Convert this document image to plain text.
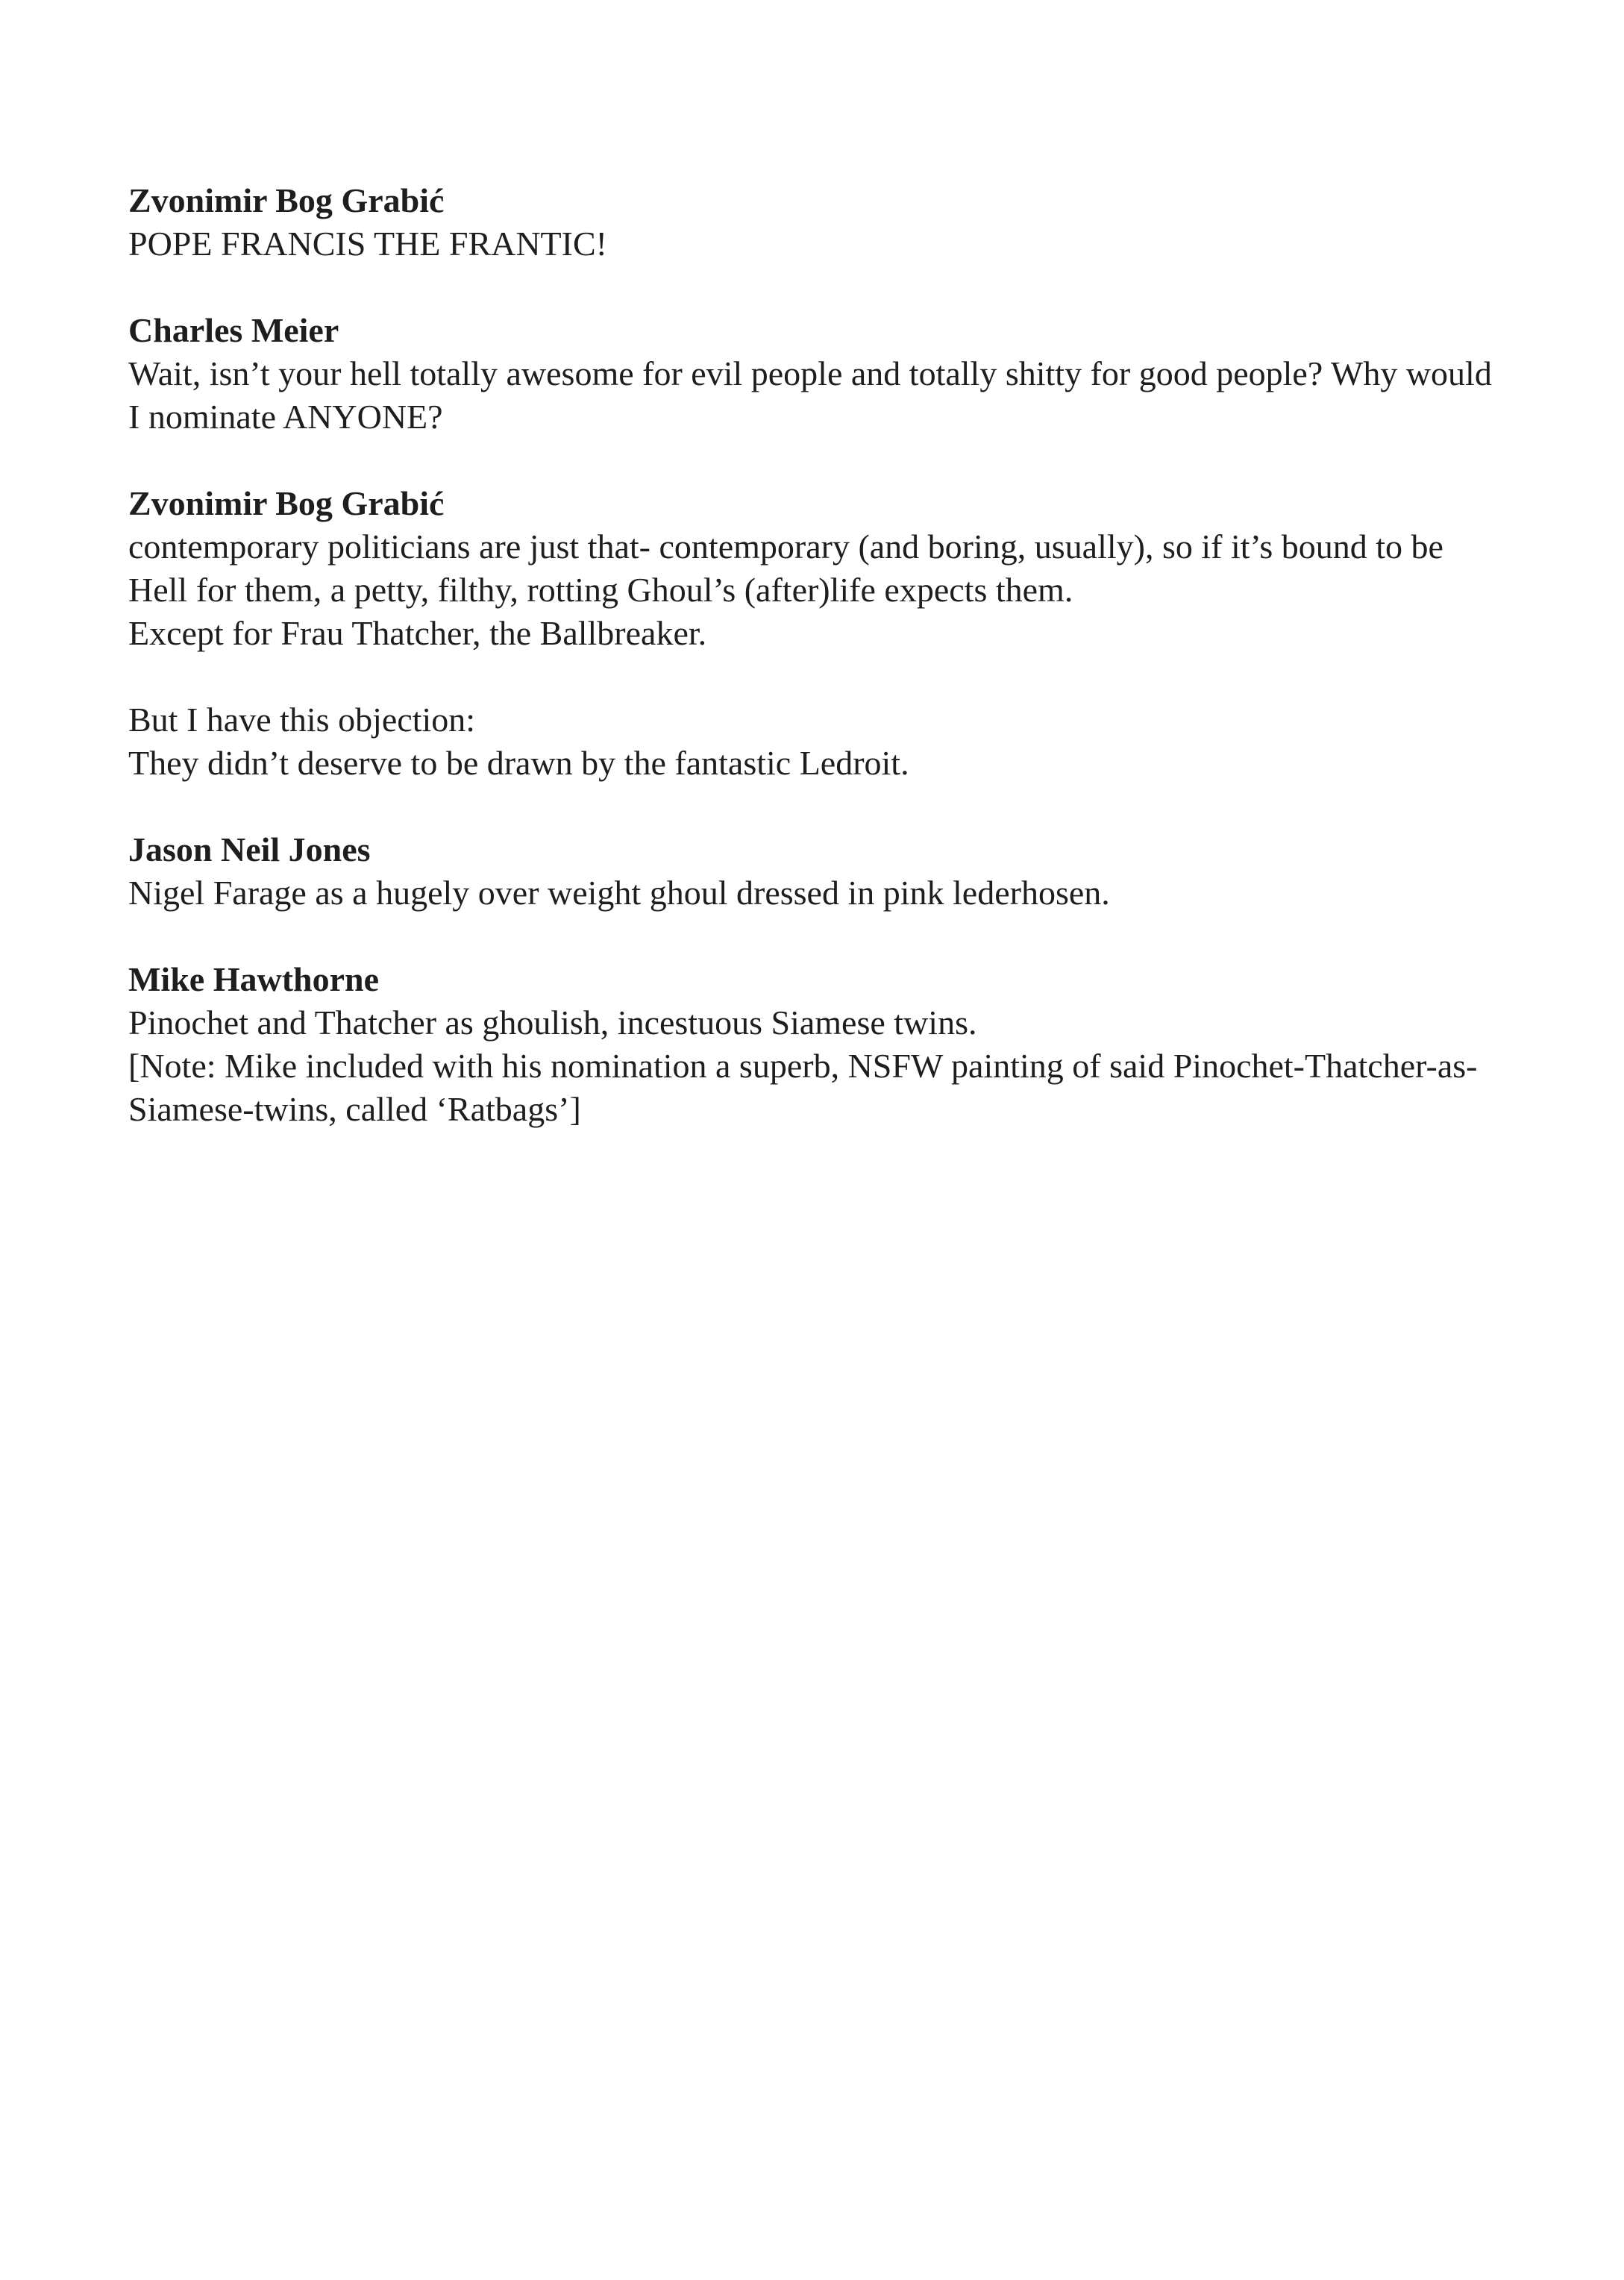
Zvonimir Bog Grabić
POPE FRANCIS THE FRANTIC!
Charles Meier
Wait, isn’t your hell totally awesome for evil people and totally shitty for good people? Why would I nominate ANYONE?
Zvonimir Bog Grabić
contemporary politicians are just that- contemporary (and boring, usually), so if it’s bound to be Hell for them, a petty, filthy, rotting Ghoul’s (after)life expects them.
Except for Frau Thatcher, the Ballbreaker.
But I have this objection:
They didn’t deserve to be drawn by the fantastic Ledroit.
Jason Neil Jones
Nigel Farage as a hugely over weight ghoul dressed in pink lederhosen.
Mike Hawthorne
Pinochet and Thatcher as ghoulish, incestuous Siamese twins.
[Note: Mike included with his nomination a superb, NSFW painting of said Pinochet-Thatcher-as-Siamese-twins, called ‘Ratbags’]
